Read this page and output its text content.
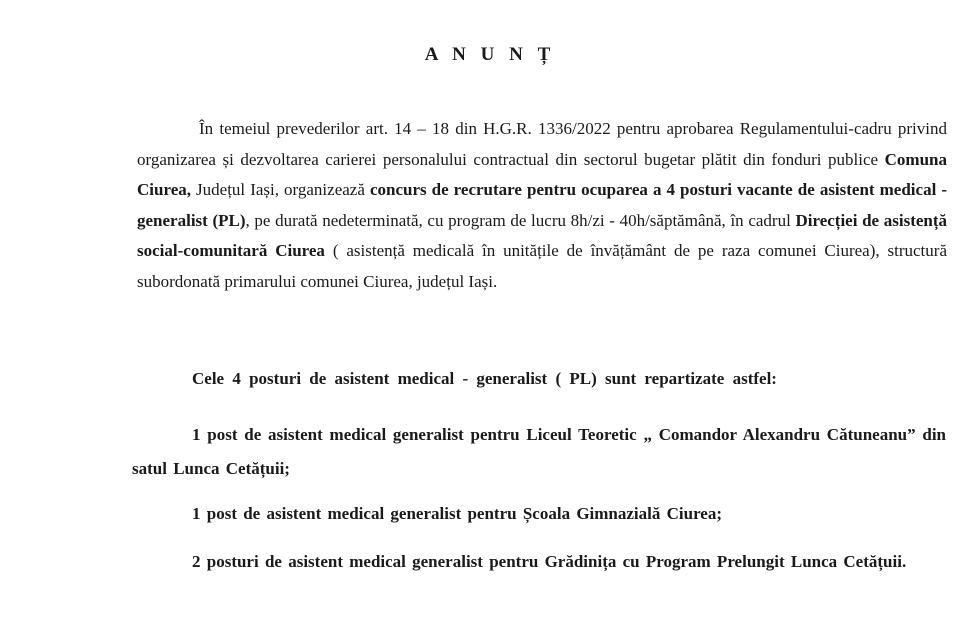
A N U N Ț

În temeiul prevederilor art. 14 – 18 din H.G.R. 1336/2022 pentru aprobarea Regulamentului-cadru privind organizarea și dezvoltarea carierei personalului contractual din sectorul bugetar plătit din fonduri publice Comuna Ciurea, Județul Iași, organizează concurs de recrutare pentru ocuparea a 4 posturi vacante de asistent medical - generalist (PL), pe durată nedeterminată, cu program de lucru 8h/zi - 40h/săptămână, în cadrul Direcției de asistență social-comunitară Ciurea ( asistență medicală în unitățile de învățământ de pe raza comunei Ciurea), structură subordonată primarului comunei Ciurea, județul Iași.

Cele 4 posturi de asistent medical - generalist ( PL) sunt repartizate astfel:

1 post de asistent medical generalist pentru Liceul Teoretic „ Comandor Alexandru Cătuneanu” din satul Lunca Cetățuii;

1 post de asistent medical generalist pentru Școala Gimnazială Ciurea;

2 posturi de asistent medical generalist pentru Grădinița cu Program Prelungit Lunca Cetățuii.
